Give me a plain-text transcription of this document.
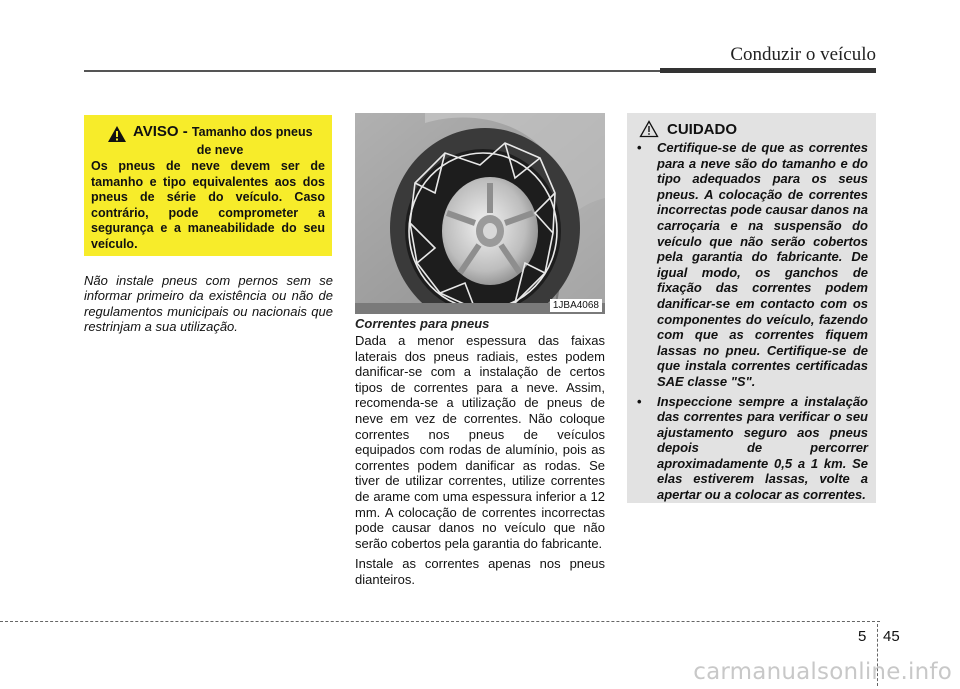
Conduzir o veículo
AVISO - Tamanho dos pneus
de neve
Os pneus de neve devem ser de tamanho e tipo equivalentes aos dos pneus de série do veículo. Caso contrário, pode comprometer a segurança e a maneabilidade do seu veículo.
Não instale pneus com pernos sem se informar primeiro da existência ou não de regulamentos municipais ou nacionais que restrinjam a sua utilização.
1JBA4068
Correntes para pneus

Dada a menor espessura das faixas laterais dos pneus radiais, estes podem danificar-se com a instalação de certos tipos de correntes para a neve. Assim, recomenda-se a utilização de pneus de neve em vez de correntes. Não coloque correntes nos pneus de veículos equipados com rodas de alumínio, pois as correntes podem danificar as rodas. Se tiver de utilizar correntes, utilize correntes de arame com uma espessura inferior a 12 mm. A colocação de correntes incorrectas pode causar danos no veículo que não serão cobertos pela garantia do fabricante.

Instale as correntes apenas nos pneus dianteiros.

CUIDADO
• Certifique-se de que as correntes para a neve são do tamanho e do tipo adequados para os seus pneus. A colocação de correntes incorrectas pode causar danos na carroçaria e na suspensão do veículo que não serão cobertos pela garantia do fabricante. De igual modo, os ganchos de fixação das correntes podem danificar-se em contacto com os componentes do veículo, fazendo com que as correntes fiquem lassas no pneu. Certifique-se de que instala correntes certificadas SAE classe "S".
• Inspeccione sempre a instalação das correntes para verificar o seu ajustamento seguro aos pneus depois de percorrer aproximadamente 0,5 a 1 km. Se elas estiverem lassas, volte a apertar ou a colocar as correntes.
5 45
carmanualsonline.info
